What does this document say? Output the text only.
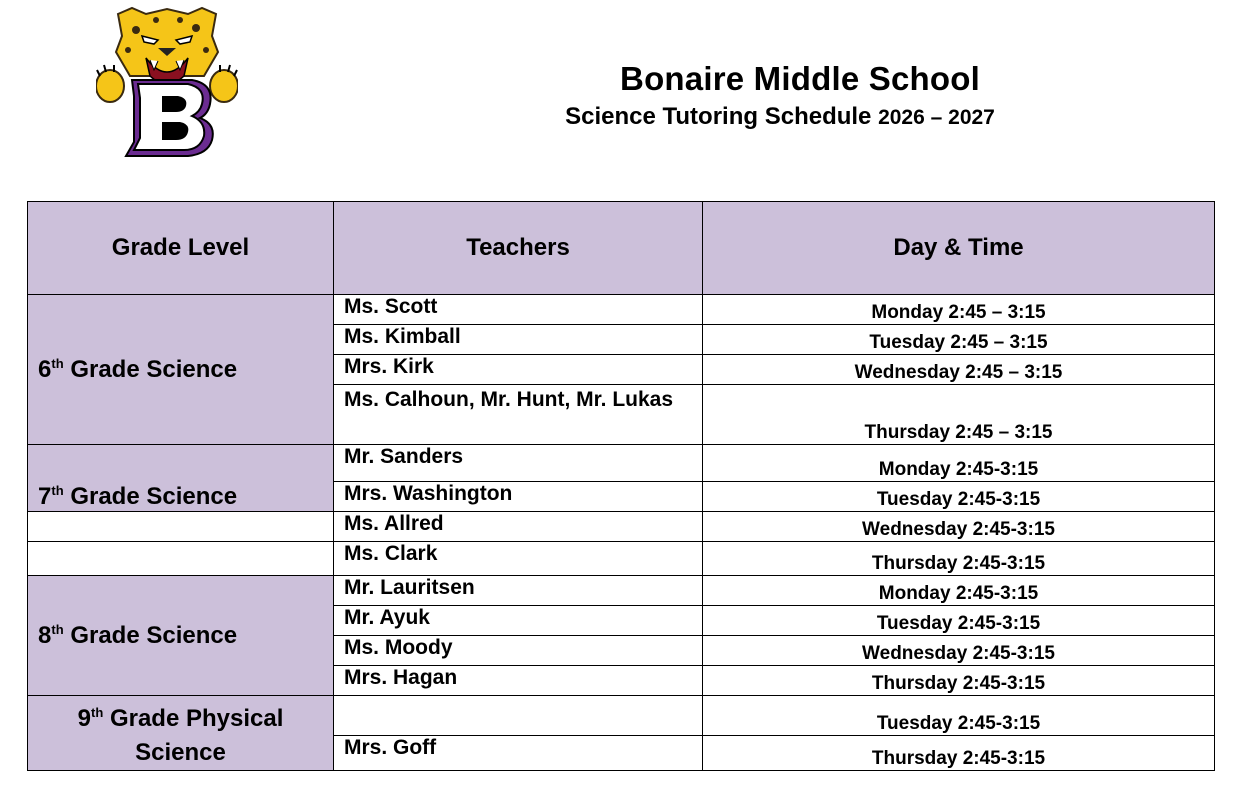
Bonaire Middle School
Science Tutoring Schedule 2026 – 2027
Grade Level	Teachers	Day & Time

6th Grade Science	Ms. Scott	Monday 2:45 – 3:15
	Ms. Kimball	Tuesday 2:45 – 3:15
	Mrs. Kirk	Wednesday 2:45 – 3:15
	Ms. Calhoun, Mr. Hunt, Mr. Lukas	Thursday 2:45 – 3:15

7th Grade Science	Mr. Sanders	Monday 2:45-3:15
	Mrs. Washington	Tuesday 2:45-3:15
	Ms. Allred	Wednesday 2:45-3:15
	Ms. Clark	Thursday 2:45-3:15

8th Grade Science	Mr. Lauritsen	Monday 2:45-3:15
	Mr. Ayuk	Tuesday 2:45-3:15
	Ms. Moody	Wednesday 2:45-3:15
	Mrs. Hagan	Thursday 2:45-3:15

9th Grade Physical
Science		Tuesday 2:45-3:15
	Mrs. Goff	Thursday 2:45-3:15
